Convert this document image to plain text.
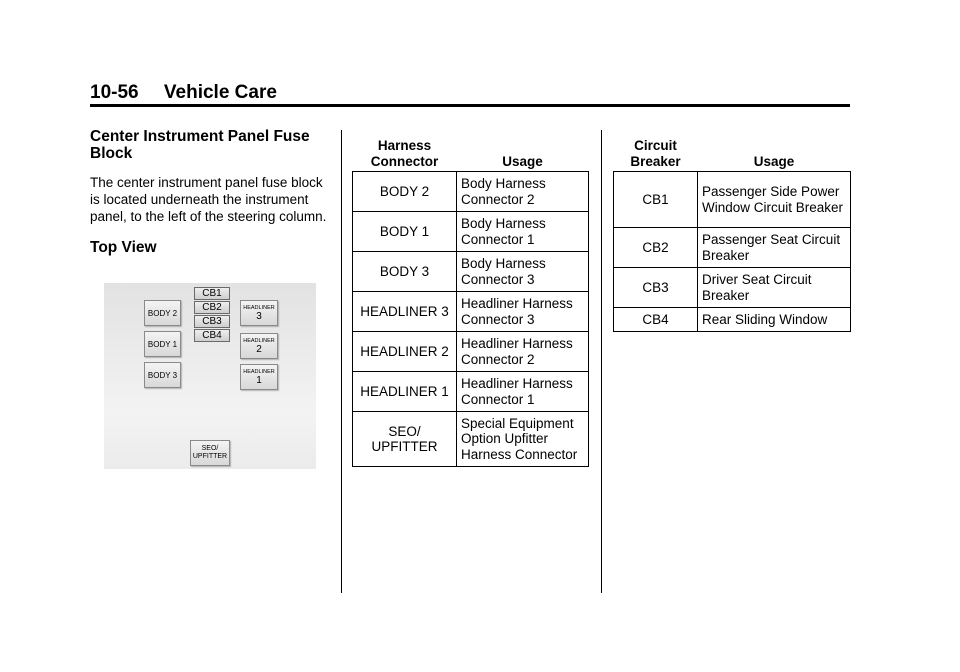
10-56 Vehicle Care

Center Instrument Panel Fuse Block

The center instrument panel fuse block is located underneath the instrument panel, to the left of the steering column.

Top View

BODY 2
BODY 1
BODY 3
CB1
CB2
CB3
CB4
HEADLINER
3
HEADLINER
2
HEADLINER
1
SEO/
UPFITTER
Harness Connector	Usage
BODY 2	Body Harness Connector 2
BODY 1	Body Harness Connector 1
BODY 3	Body Harness Connector 3
HEADLINER 3	Headliner Harness Connector 3
HEADLINER 2	Headliner Harness Connector 2
HEADLINER 1	Headliner Harness Connector 1
SEO/ UPFITTER	Special Equipment Option Upfitter Harness Connector
Circuit Breaker	Usage
CB1	Passenger Side Power Window Circuit Breaker
CB2	Passenger Seat Circuit Breaker
CB3	Driver Seat Circuit Breaker
CB4	Rear Sliding Window
